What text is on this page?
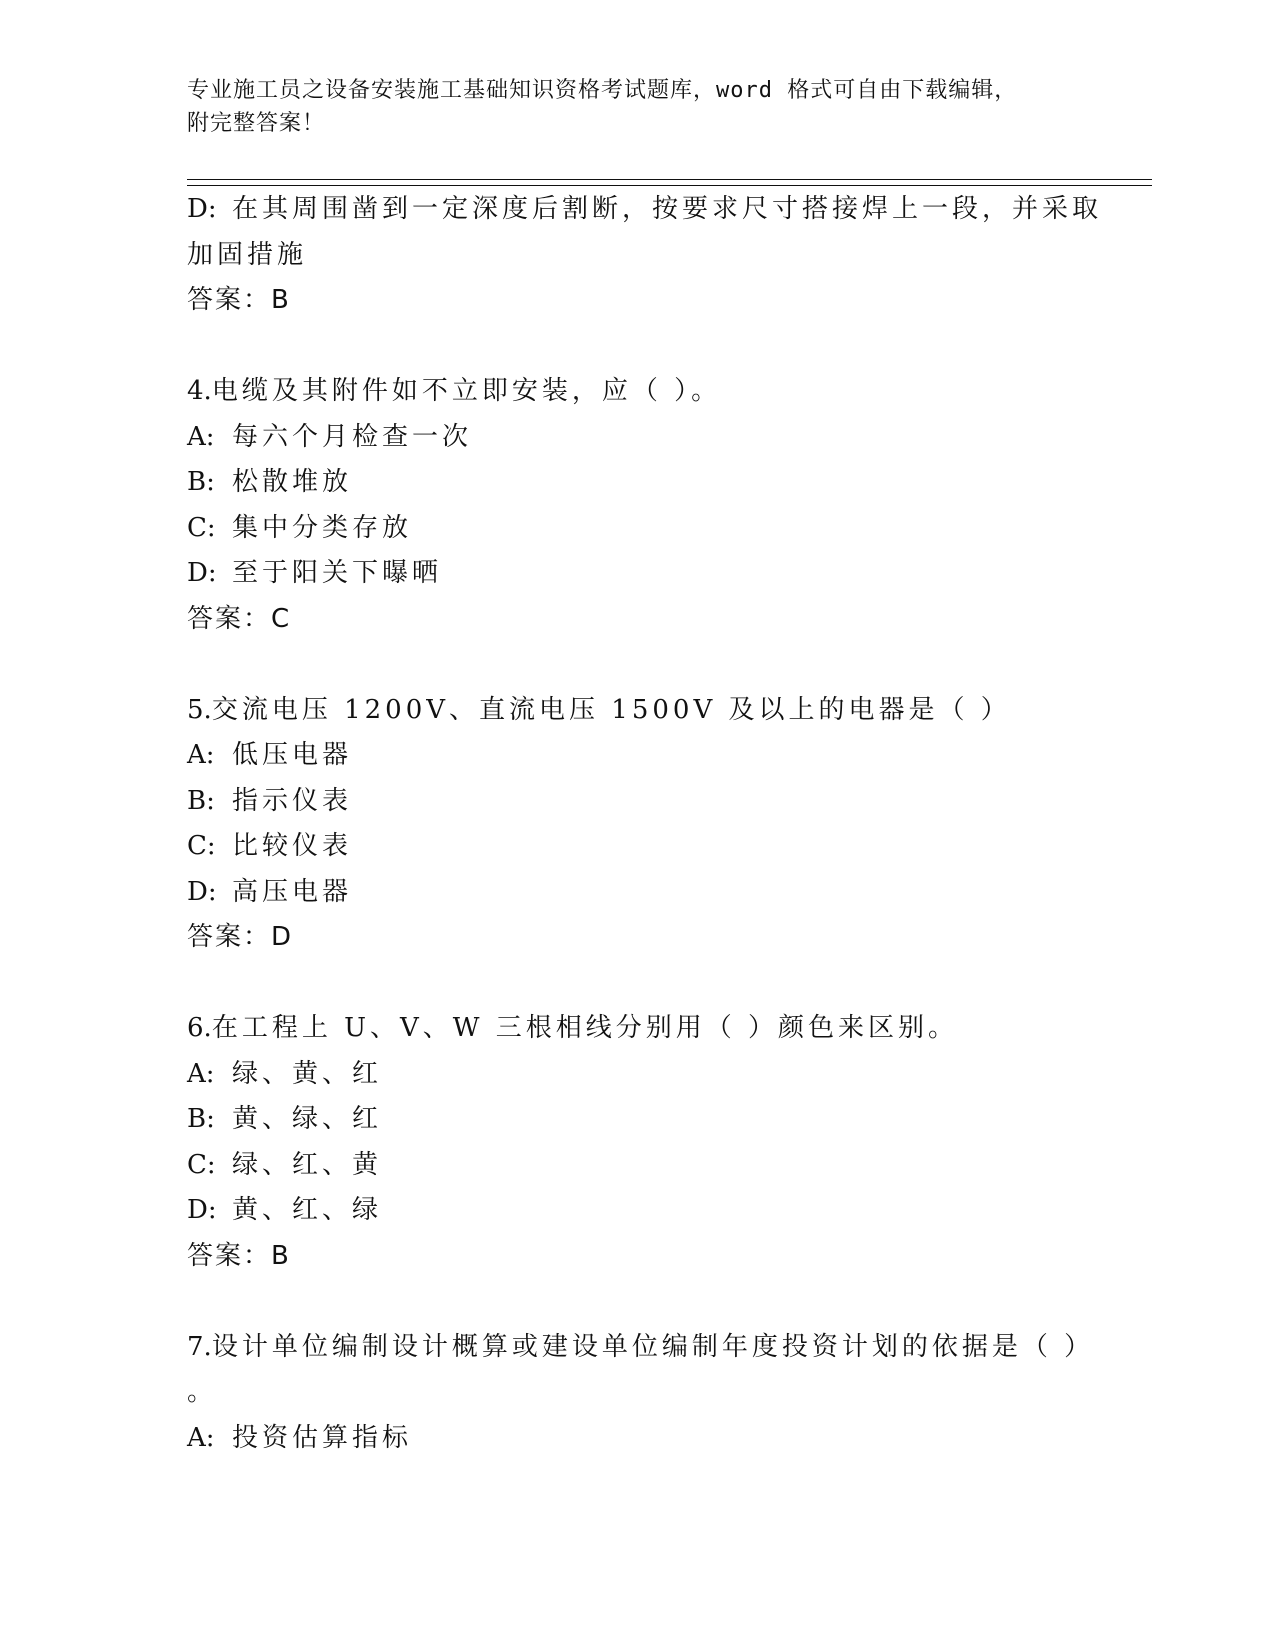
专业施工员之设备安装施工基础知识资格考试题库，word 格式可自由下载编辑，
附完整答案！
D: 在其周围凿到一定深度后割断，按要求尺寸搭接焊上一段，并采取
加固措施
答案：B
4.电缆及其附件如不立即安装，应（ ）。
A: 每六个月检查一次
B: 松散堆放
C: 集中分类存放
D: 至于阳关下曝晒
答案：C
5.交流电压 1200V、直流电压 1500V 及以上的电器是（ ）
A: 低压电器
B: 指示仪表
C: 比较仪表
D: 高压电器
答案：D
6.在工程上 U、V、W 三根相线分别用（ ）颜色来区别。
A: 绿、黄、红
B: 黄、绿、红
C: 绿、红、黄
D: 黄、红、绿
答案：B
7.设计单位编制设计概算或建设单位编制年度投资计划的依据是（ ）
。
A: 投资估算指标
